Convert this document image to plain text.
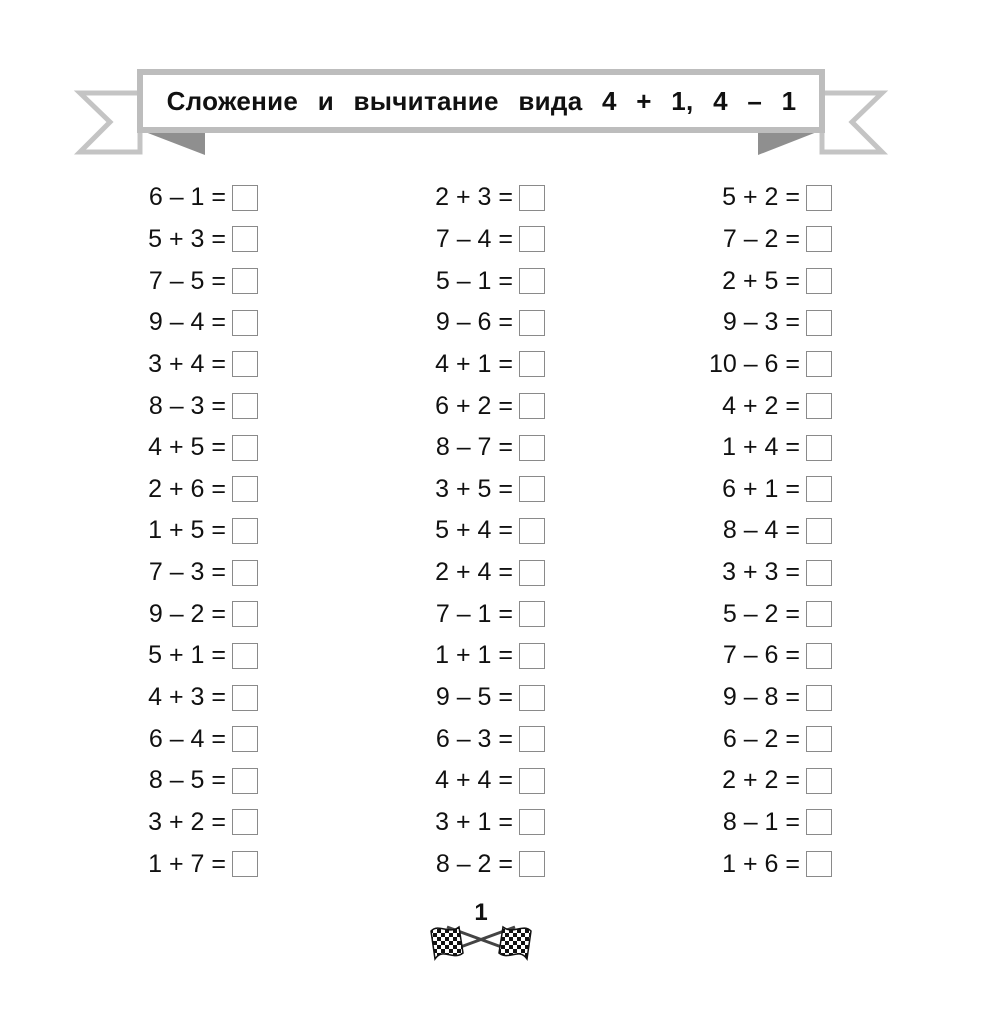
Сложение и вычитание вида 4 + 1, 4 – 1
6 – 1 =
5 + 3 =
7 – 5 =
9 – 4 =
3 + 4 =
8 – 3 =
4 + 5 =
2 + 6 =
1 + 5 =
7 – 3 =
9 – 2 =
5 + 1 =
4 + 3 =
6 – 4 =
8 – 5 =
3 + 2 =
1 + 7 =
2 + 3 =
7 – 4 =
5 – 1 =
9 – 6 =
4 + 1 =
6 + 2 =
8 – 7 =
3 + 5 =
5 + 4 =
2 + 4 =
7 – 1 =
1 + 1 =
9 – 5 =
6 – 3 =
4 + 4 =
3 + 1 =
8 – 2 =
5 + 2 =
7 – 2 =
2 + 5 =
9 – 3 =
10 – 6 =
4 + 2 =
1 + 4 =
6 + 1 =
8 – 4 =
3 + 3 =
5 – 2 =
7 – 6 =
9 – 8 =
6 – 2 =
2 + 2 =
8 – 1 =
1 + 6 =
1
